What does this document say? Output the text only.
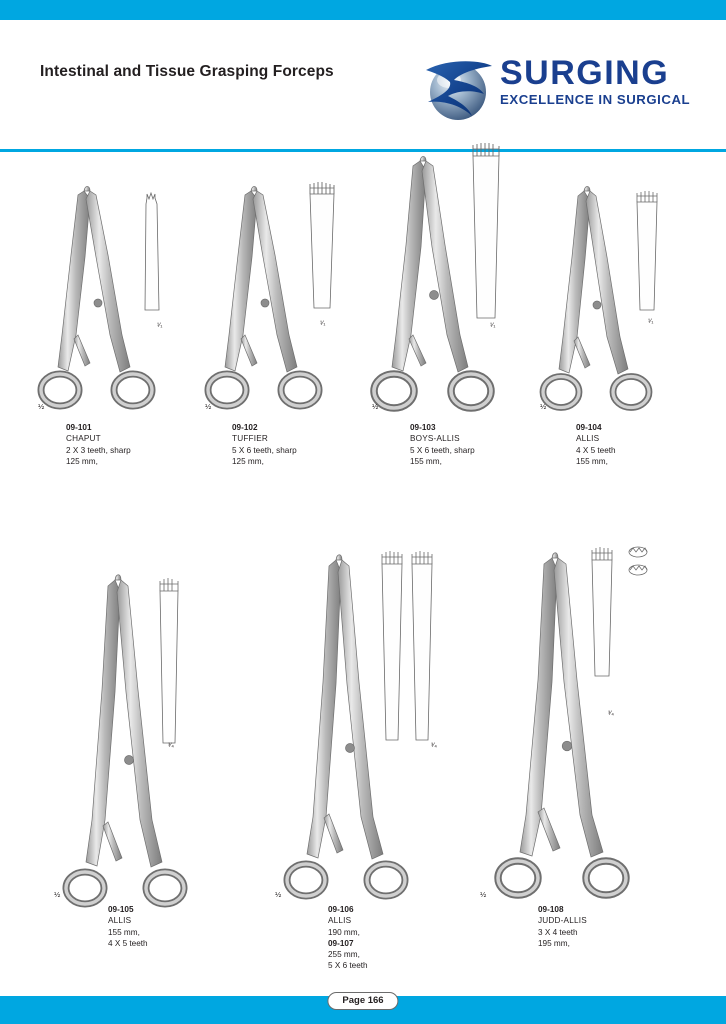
Intestinal and Tissue Grasping Forceps	SURGING
EXCELLENCE IN SURGICAL
¹⁄₁
½
09-101
CHAPUT
2 X 3 teeth, sharp
125 mm,
¹⁄₁
½
09-102
TUFFIER
5 X 6 teeth, sharp
125 mm,
¹⁄₁
½
09-103
BOYS-ALLIS
5 X 6 teeth, sharp
155 mm,
¹⁄₁
½
09-104
ALLIS
4 X 5 teeth
155 mm,
³⁄₄
½
09-105
ALLIS
155 mm,
4 X 5 teeth
³⁄₄
½
09-106
ALLIS
190 mm,
09-107
255 mm,
5 X 6 teeth
³⁄₄
½
09-108
JUDD-ALLIS
3 X 4 teeth
195 mm,
Page 166
